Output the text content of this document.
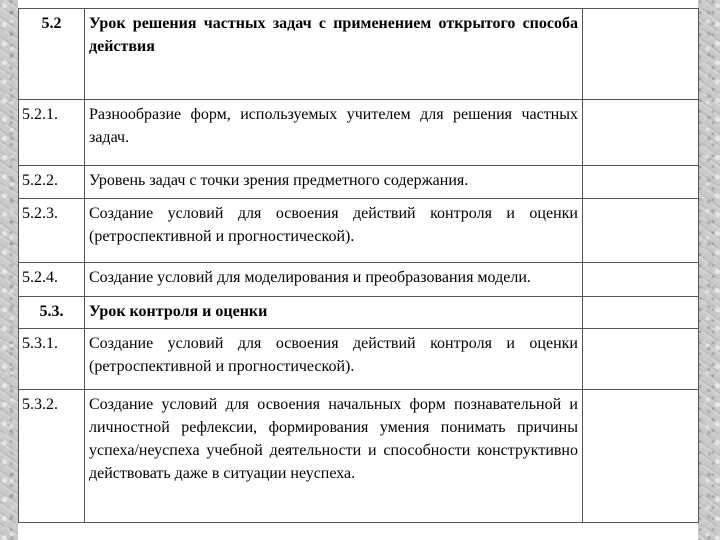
5.2	Урок решения частных задач с применением открытого способа действия	
5.2.1.	Разнообразие форм, используемых учителем для решения частных задач.	
5.2.2.	Уровень задач с точки зрения предметного содержания.	
5.2.3.	Создание условий для освоения действий контроля и оценки (ретроспективной и прогностической).	
5.2.4.	Создание условий для моделирования и преобразования модели.	
5.3.	Урок контроля и оценки	
5.3.1.	Создание условий для освоения действий контроля и оценки (ретроспективной и прогностической).	
5.3.2.	Создание условий для освоения начальных форм познавательной и личностной рефлексии, формирования умения понимать причины успеха/неуспеха учебной деятельности и способности конструктивно действовать даже в ситуации неуспеха.	
